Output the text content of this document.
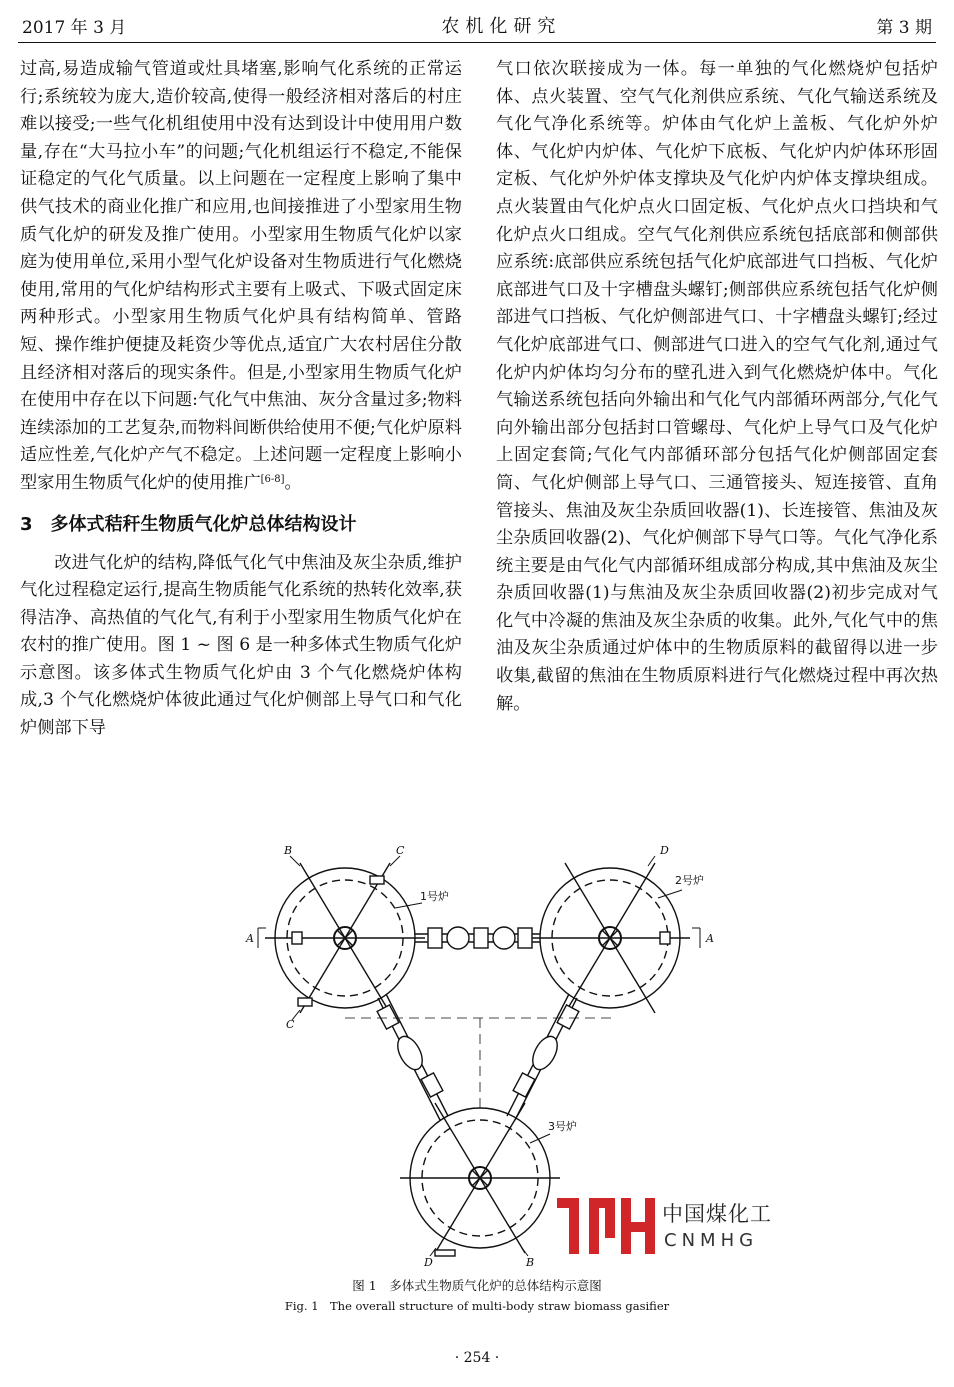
2017 年 3 月	农机化研究	第 3 期

过高,易造成输气管道或灶具堵塞,影响气化系统的正常运行;系统较为庞大,造价较高,使得一般经济相对落后的村庄难以接受;一些气化机组使用中没有达到设计中使用用户数量,存在“大马拉小车”的问题;气化机组运行不稳定,不能保证稳定的气化气质量。以上问题在一定程度上影响了集中供气技术的商业化推广和应用,也间接推进了小型家用生物质气化炉的研发及推广使用。小型家用生物质气化炉以家庭为使用单位,采用小型气化炉设备对生物质进行气化燃烧使用,常用的气化炉结构形式主要有上吸式、下吸式固定床两种形式。小型家用生物质气化炉具有结构简单、管路短、操作维护便捷及耗资少等优点,适宜广大农村居住分散且经济相对落后的现实条件。但是,小型家用生物质气化炉在使用中存在以下问题:气化气中焦油、灰分含量过多;物料连续添加的工艺复杂,而物料间断供给使用不便;气化炉原料适应性差,气化炉产气不稳定。上述问题一定程度上影响小型家用生物质气化炉的使用推广[6-8]。

3 多体式秸秆生物质气化炉总体结构设计

改进气化炉的结构,降低气化气中焦油及灰尘杂质,维护气化过程稳定运行,提高生物质能气化系统的热转化效率,获得洁净、高热值的气化气,有利于小型家用生物质气化炉在农村的推广使用。图 1 ~ 图 6 是一种多体式生物质气化炉示意图。该多体式生物质气化炉由 3 个气化燃烧炉体构成,3 个气化燃烧炉体彼此通过气化炉侧部上导气口和气化炉侧部下导

气口依次联接成为一体。每一单独的气化燃烧炉包括炉体、点火装置、空气气化剂供应系统、气化气输送系统及气化气净化系统等。炉体由气化炉上盖板、气化炉外炉体、气化炉内炉体、气化炉下底板、气化炉内炉体环形固定板、气化炉外炉体支撑块及气化炉内炉体支撑块组成。点火装置由气化炉点火口固定板、气化炉点火口挡块和气化炉点火口组成。空气气化剂供应系统包括底部和侧部供应系统:底部供应系统包括气化炉底部进气口挡板、气化炉底部进气口及十字槽盘头螺钉;侧部供应系统包括气化炉侧部进气口挡板、气化炉侧部进气口、十字槽盘头螺钉;经过气化炉底部进气口、侧部进气口进入的空气气化剂,通过气化炉内炉体均匀分布的壁孔进入到气化燃烧炉体中。气化气输送系统包括向外输出和气化气内部循环两部分,气化气向外输出部分包括封口管螺母、气化炉上导气口及气化炉上固定套筒;气化气内部循环部分包括气化炉侧部固定套筒、气化炉侧部上导气口、三通管接头、短连接管、直角管接头、焦油及灰尘杂质回收器(1)、长连接管、焦油及灰尘杂质回收器(2)、气化炉侧部下导气口等。气化气净化系统主要是由气化气内部循环组成部分构成,其中焦油及灰尘杂质回收器(1)与焦油及灰尘杂质回收器(2)初步完成对气化气中冷凝的焦油及灰尘杂质的收集。此外,气化气中的焦油及灰尘杂质通过炉体中的生物质原料的截留得以进一步收集,截留的焦油在生物质原料进行气化燃烧过程中再次热解。

1号炉
2号炉
3号炉
A	A
B
B
C
C
D
D
中国煤化工
CNMHG
图 1　多体式生物质气化炉的总体结构示意图
Fig. 1　The overall structure of multi-body straw biomass gasifier
· 254 ·
